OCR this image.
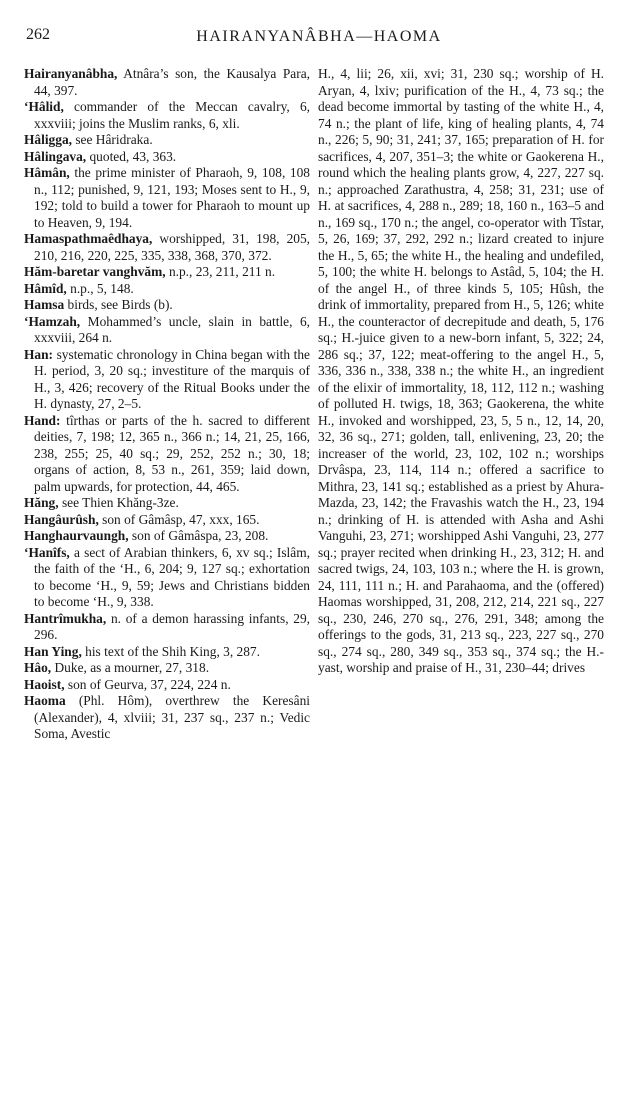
262	HAIRANYANÂBHA—HAOMA

Hairanyanâbha, Atnâra’s son, the Kausalya Para, 44, 397.

‘Hâlid, commander of the Meccan cavalry, 6, xxxviii; joins the Muslim ranks, 6, xli.

Hâligga, see Hâridraka.

Hâlingava, quoted, 43, 363.

Hâmân, the prime minister of Pharaoh, 9, 108, 108 n., 112; punished, 9, 121, 193; Moses sent to H., 9, 192; told to build a tower for Pharaoh to mount up to Heaven, 9, 194.

Hamaspathmaêdhaya, worshipped, 31, 198, 205, 210, 216, 220, 225, 335, 338, 368, 370, 372.

Hăm-baretar vanghvăm, n.p., 23, 211, 211 n.

Hâmîd, n.p., 5, 148.

Hamsa birds, see Birds (b).

‘Hamzah, Mohammed’s uncle, slain in battle, 6, xxxviii, 264 n.

Han: systematic chronology in China began with the H. period, 3, 20 sq.; investiture of the marquis of H., 3, 426; recovery of the Ritual Books under the H. dynasty, 27, 2–5.

Hand: tîrthas or parts of the h. sacred to different deities, 7, 198; 12, 365 n., 366 n.; 14, 21, 25, 166, 238, 255; 25, 40 sq.; 29, 252, 252 n.; 30, 18; organs of action, 8, 53 n., 261, 359; laid down, palm upwards, for protection, 44, 465.

Hăng, see Thien Khăng-3ze.

Hangâurûsh, son of Gâmâsp, 47, xxx, 165.

Hanghaurvaungh, son of Gâmâspa, 23, 208.

‘Hanîfs, a sect of Arabian thinkers, 6, xv sq.; Islâm, the faith of the ‘H., 6, 204; 9, 127 sq.; exhortation to become ‘H., 9, 59; Jews and Christians bidden to become ‘H., 9, 338.

Hantrîmukha, n. of a demon harassing infants, 29, 296.

Han Ying, his text of the Shih King, 3, 287.

Hâo, Duke, as a mourner, 27, 318.

Haoist, son of Geurva, 37, 224, 224 n.

Haoma (Phl. Hôm), overthrew the Keresâni (Alexander), 4, xlviii; 31, 237 sq., 237 n.; Vedic Soma, Avestic

H., 4, lii; 26, xii, xvi; 31, 230 sq.; worship of H. Aryan, 4, lxiv; purification of the H., 4, 73 sq.; the dead become immortal by tasting of the white H., 4, 74 n.; the plant of life, king of healing plants, 4, 74 n., 226; 5, 90; 31, 241; 37, 165; preparation of H. for sacrifices, 4, 207, 351–3; the white or Gaokerena H., round which the healing plants grow, 4, 227, 227 sq. n.; approached Zarathustra, 4, 258; 31, 231; use of H. at sacrifices, 4, 288 n., 289; 18, 160 n., 163–5 and n., 169 sq., 170 n.; the angel, co-operator with Tîstar, 5, 26, 169; 37, 292, 292 n.; lizard created to injure the H., 5, 65; the white H., the healing and undefiled, 5, 100; the white H. belongs to Astâd, 5, 104; the H. of the angel H., of three kinds 5, 105; Hûsh, the drink of immortality, prepared from H., 5, 126; white H., the counteractor of decrepitude and death, 5, 176 sq.; H.-juice given to a new-born infant, 5, 322; 24, 286 sq.; 37, 122; meat-offering to the angel H., 5, 336, 336 n., 338, 338 n.; the white H., an ingredient of the elixir of immortality, 18, 112, 112 n.; washing of polluted H. twigs, 18, 363; Gaokerena, the white H., invoked and worshipped, 23, 5, 5 n., 12, 14, 20, 32, 36 sq., 271; golden, tall, enlivening, 23, 20; the increaser of the world, 23, 102, 102 n.; worships Drvâspa, 23, 114, 114 n.; offered a sacrifice to Mithra, 23, 141 sq.; established as a priest by Ahura-Mazda, 23, 142; the Fravashis watch the H., 23, 194 n.; drinking of H. is attended with Asha and Ashi Vanguhi, 23, 271; worshipped Ashi Vanguhi, 23, 277 sq.; prayer recited when drinking H., 23, 312; H. and sacred twigs, 24, 103, 103 n.; where the H. is grown, 24, 111, 111 n.; H. and Parahaoma, and the (offered) Haomas worshipped, 31, 208, 212, 214, 221 sq., 227 sq., 230, 246, 270 sq., 276, 291, 348; among the offerings to the gods, 31, 213 sq., 223, 227 sq., 270 sq., 274 sq., 280, 349 sq., 353 sq., 374 sq.; the H.-yast, worship and praise of H., 31, 230–44; drives
